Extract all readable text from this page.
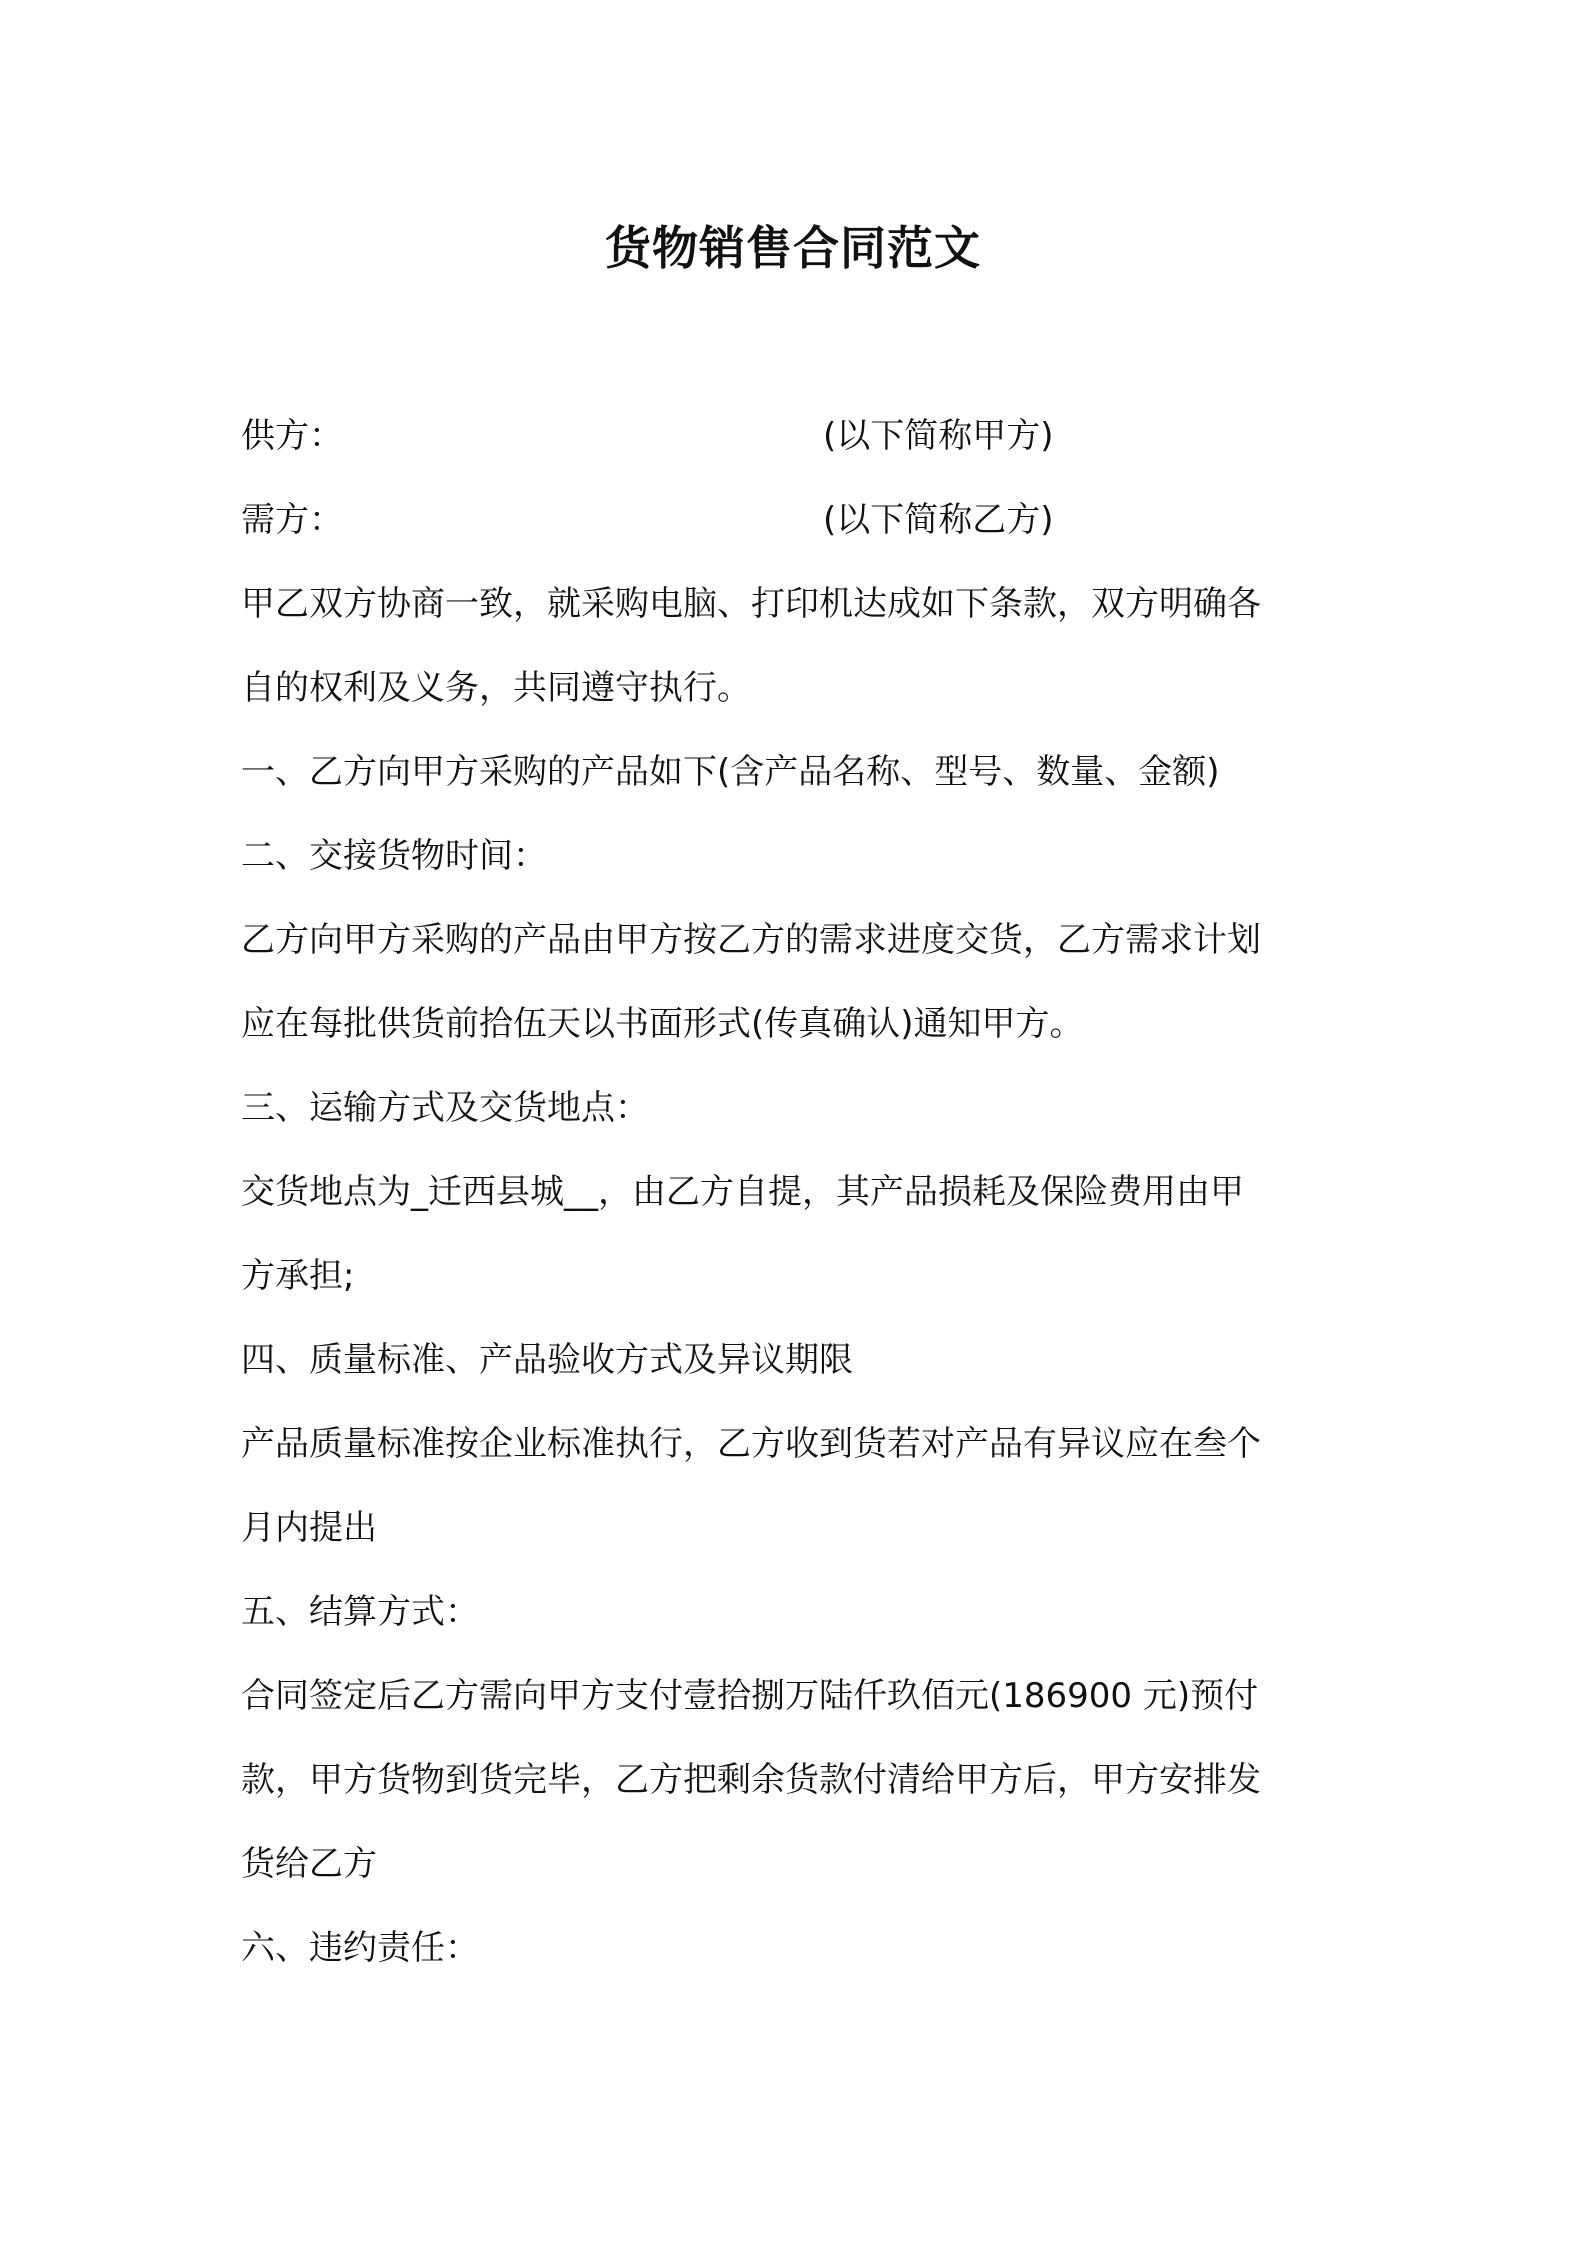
货物销售合同范文
供方：	(以下简称甲方)
需方：	(以下简称乙方)
甲乙双方协商一致，就采购电脑、打印机达成如下条款，双方明确各
自的权利及义务，共同遵守执行。
一、乙方向甲方采购的产品如下(含产品名称、型号、数量、金额)
二、交接货物时间：
乙方向甲方采购的产品由甲方按乙方的需求进度交货，乙方需求计划
应在每批供货前拾伍天以书面形式(传真确认)通知甲方。
三、运输方式及交货地点：
交货地点为_迁西县城__，由乙方自提，其产品损耗及保险费用由甲
方承担;
四、质量标准、产品验收方式及异议期限
产品质量标准按企业标准执行，乙方收到货若对产品有异议应在叁个
月内提出
五、结算方式：
合同签定后乙方需向甲方支付壹拾捌万陆仟玖佰元(186900 元)预付
款，甲方货物到货完毕，乙方把剩余货款付清给甲方后，甲方安排发
货给乙方
六、违约责任：
